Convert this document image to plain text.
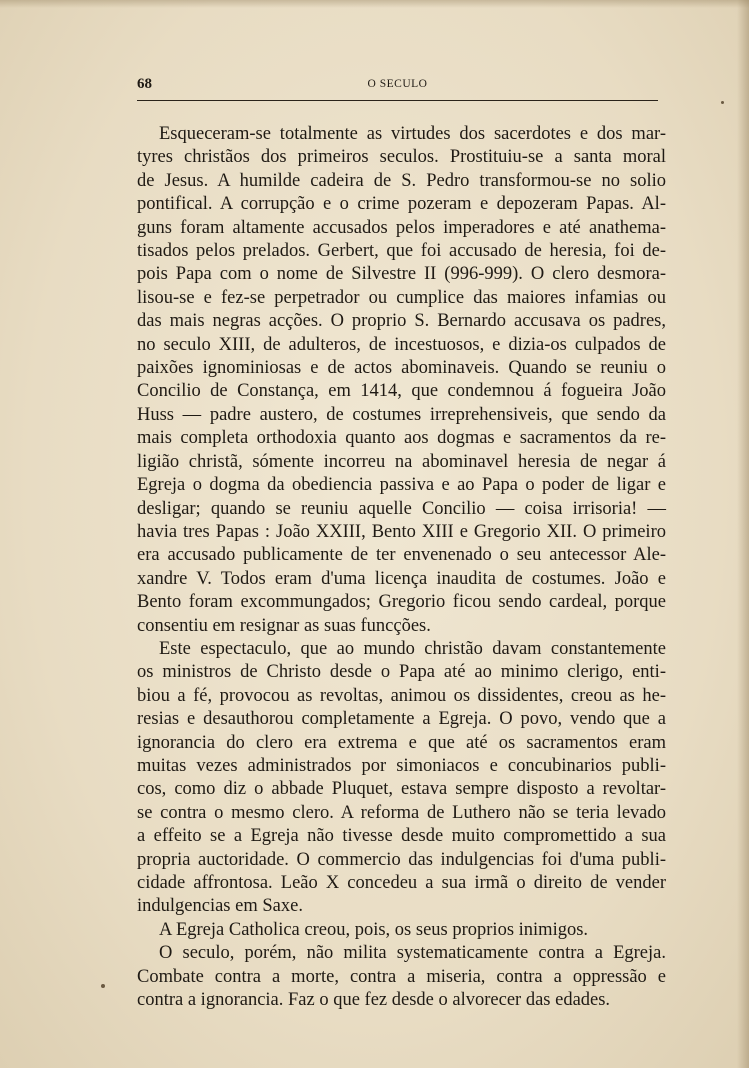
68	O SECULO
Esqueceram-se totalmente as virtudes dos sacerdotes e dos mar-
tyres christãos dos primeiros seculos. Prostituiu-se a santa moral
de Jesus. A humilde cadeira de S. Pedro transformou-se no solio
pontifical. A corrupção e o crime pozeram e depozeram Papas. Al-
guns foram altamente accusados pelos imperadores e até anathema-
tisados pelos prelados. Gerbert, que foi accusado de heresia, foi de-
pois Papa com o nome de Silvestre II (996-999). O clero desmora-
lisou-se e fez-se perpetrador ou cumplice das maiores infamias ou
das mais negras acções. O proprio S. Bernardo accusava os padres,
no seculo XIII, de adulteros, de incestuosos, e dizia-os culpados de
paixões ignominiosas e de actos abominaveis. Quando se reuniu o
Concilio de Constança, em 1414, que condemnou á fogueira João
Huss — padre austero, de costumes irreprehensiveis, que sendo da
mais completa orthodoxia quanto aos dogmas e sacramentos da re-
ligião christã, sómente incorreu na abominavel heresia de negar á
Egreja o dogma da obediencia passiva e ao Papa o poder de ligar e
desligar; quando se reuniu aquelle Concilio — coisa irrisoria! —
havia tres Papas : João XXIII, Bento XIII e Gregorio XII. O primeiro
era accusado publicamente de ter envenenado o seu antecessor Ale-
xandre V. Todos eram d'uma licença inaudita de costumes. João e
Bento foram excommungados; Gregorio ficou sendo cardeal, porque
consentiu em resignar as suas funcções.
Este espectaculo, que ao mundo christão davam constantemente
os ministros de Christo desde o Papa até ao minimo clerigo, enti-
biou a fé, provocou as revoltas, animou os dissidentes, creou as he-
resias e desauthorou completamente a Egreja. O povo, vendo que a
ignorancia do clero era extrema e que até os sacramentos eram
muitas vezes administrados por simoniacos e concubinarios publi-
cos, como diz o abbade Pluquet, estava sempre disposto a revoltar-
se contra o mesmo clero. A reforma de Luthero não se teria levado
a effeito se a Egreja não tivesse desde muito compromettido a sua
propria auctoridade. O commercio das indulgencias foi d'uma publi-
cidade affrontosa. Leão X concedeu a sua irmã o direito de vender
indulgencias em Saxe.
A Egreja Catholica creou, pois, os seus proprios inimigos.
O seculo, porém, não milita systematicamente contra a Egreja.
Combate contra a morte, contra a miseria, contra a oppressão e
contra a ignorancia. Faz o que fez desde o alvorecer das edades.
